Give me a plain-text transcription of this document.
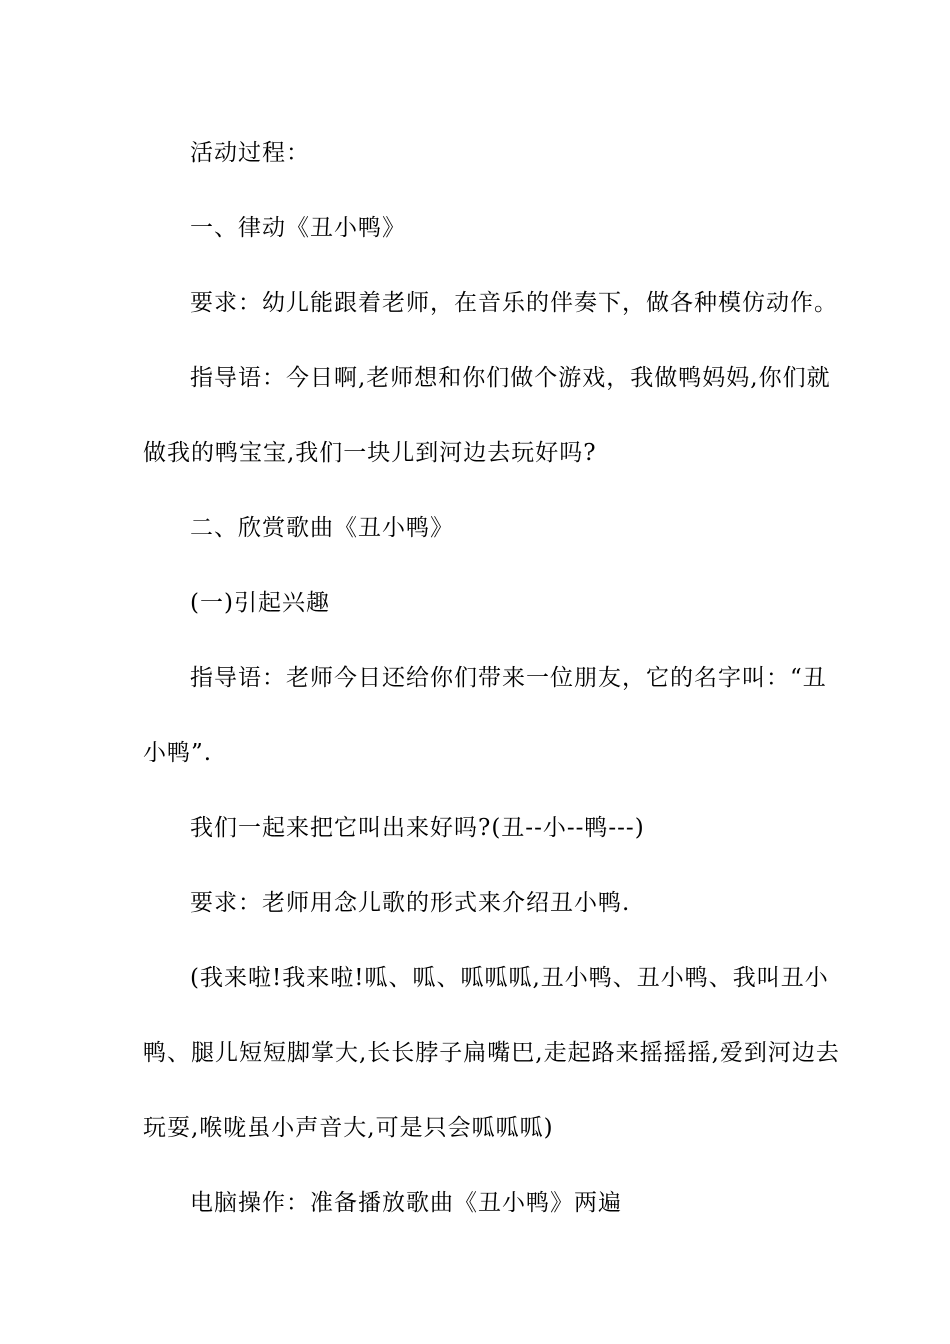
活动过程：
一、律动《丑小鸭》
要求：幼儿能跟着老师，在音乐的伴奏下，做各种模仿动作。
指导语：今日啊,老师想和你们做个游戏，我做鸭妈妈,你们就
做我的鸭宝宝,我们一块儿到河边去玩好吗?
二、欣赏歌曲《丑小鸭》
(一)引起兴趣
指导语：老师今日还给你们带来一位朋友，它的名字叫：“丑
小鸭”.
我们一起来把它叫出来好吗?(丑--小--鸭---)
要求：老师用念儿歌的形式来介绍丑小鸭.
(我来啦!我来啦!呱、呱、呱呱呱,丑小鸭、丑小鸭、我叫丑小
鸭、腿儿短短脚掌大,长长脖子扁嘴巴,走起路来摇摇摇,爱到河边去
玩耍,喉咙虽小声音大,可是只会呱呱呱)
电脑操作：准备播放歌曲《丑小鸭》两遍
